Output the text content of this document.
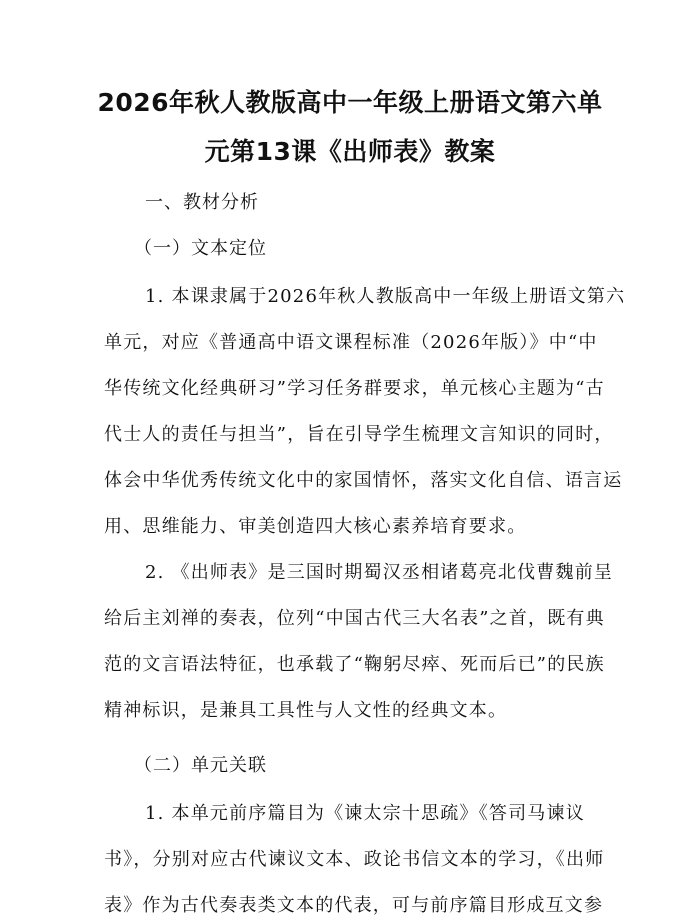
2026年秋人教版高中一年级上册语文第六单
元第13课《出师表》教案
一、教材分析
（一）文本定位
1. 本课隶属于2026年秋人教版高中一年级上册语文第六
单元，对应《普通高中语文课程标准（2026年版）》中“中
华传统文化经典研习”学习任务群要求，单元核心主题为“古
代士人的责任与担当”，旨在引导学生梳理文言知识的同时，
体会中华优秀传统文化中的家国情怀，落实文化自信、语言运
用、思维能力、审美创造四大核心素养培育要求。
2. 《出师表》是三国时期蜀汉丞相诸葛亮北伐曹魏前呈
给后主刘禅的奏表，位列“中国古代三大名表”之首，既有典
范的文言语法特征，也承载了“鞠躬尽瘁、死而后已”的民族
精神标识，是兼具工具性与人文性的经典文本。
（二）单元关联
1. 本单元前序篇目为《谏太宗十思疏》《答司马谏议
书》，分别对应古代谏议文本、政论书信文本的学习，《出师
表》作为古代奏表类文本的代表，可与前序篇目形成互文参
